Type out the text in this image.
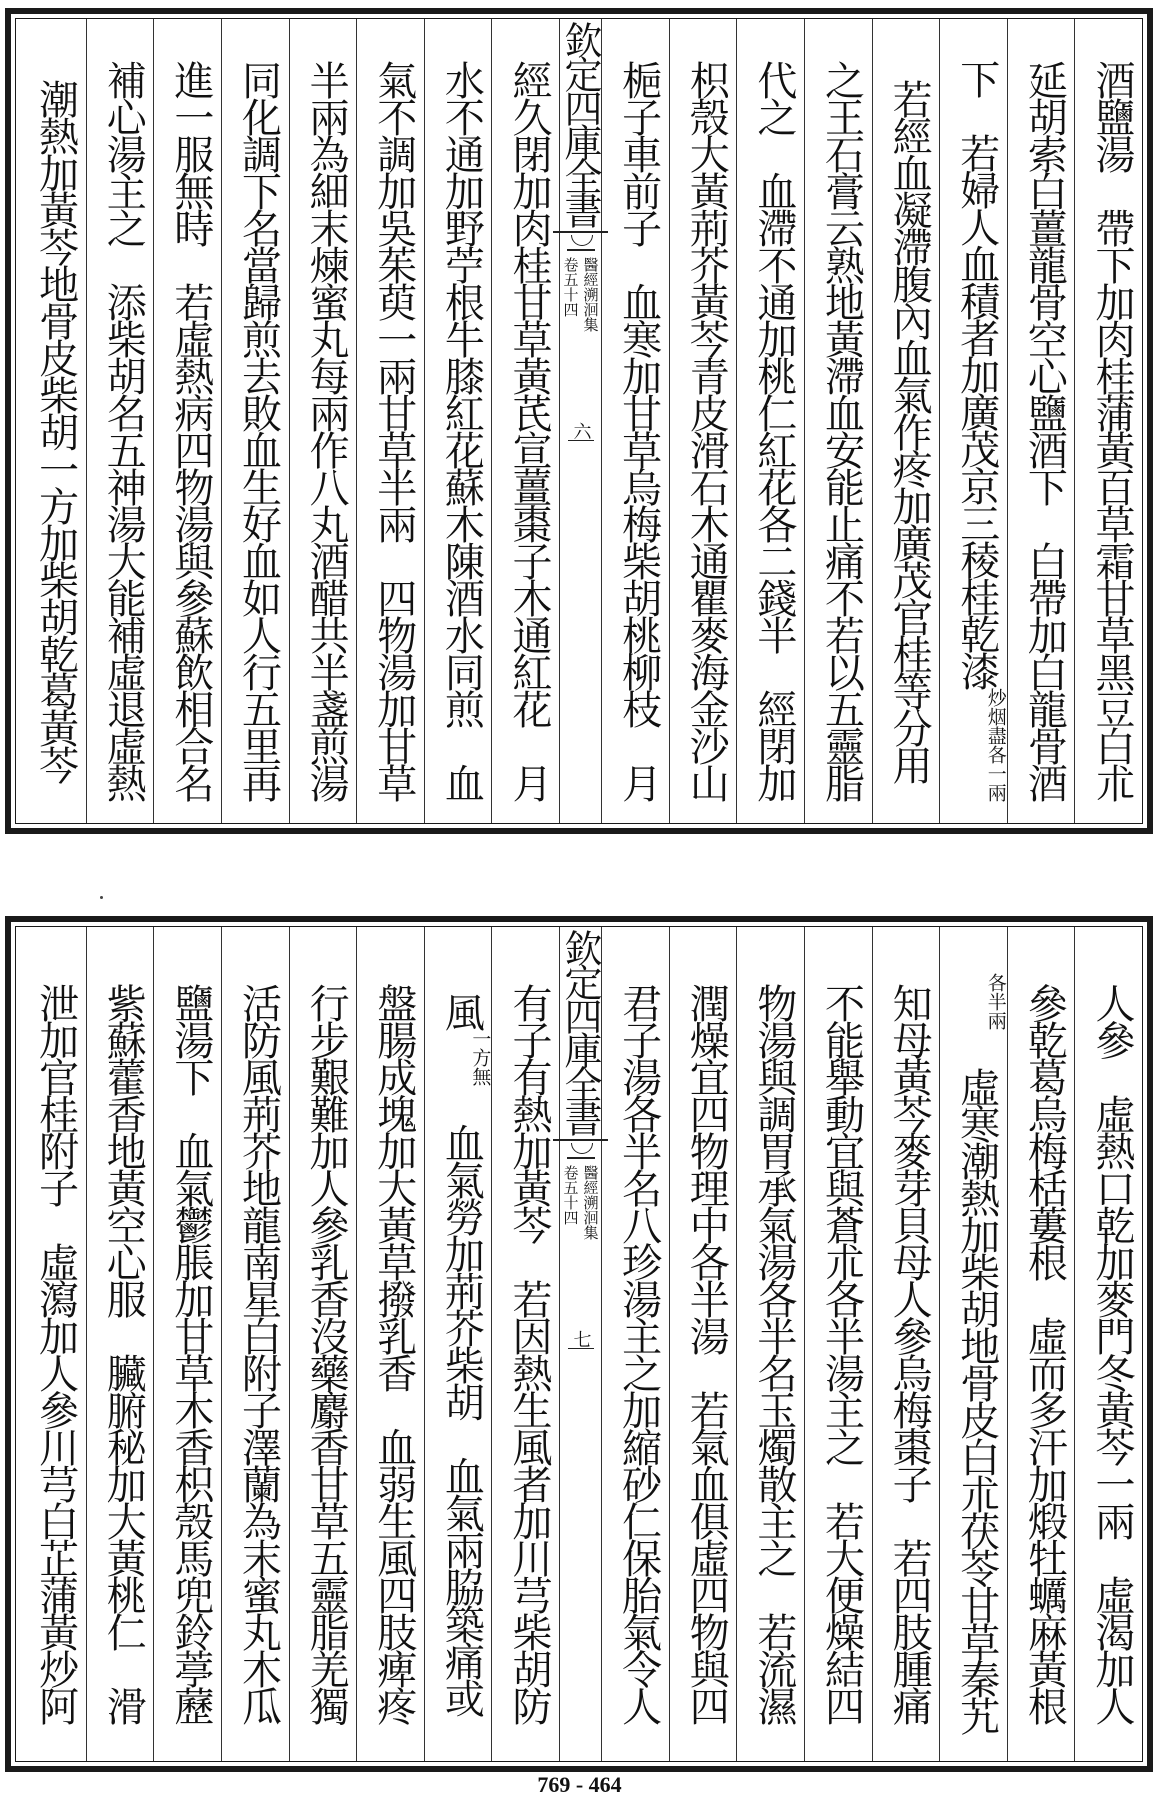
酒鹽湯　帶下加肉桂蒲黃百草霜甘草黑豆白朮
延胡索白薑龍骨空心鹽酒下　白帶加白龍骨酒
下　若婦人血積者加廣茂京三稜桂乾漆
炒烟盡各一兩
若經血凝滯腹內血氣作疼加廣茂官桂等分用
之王石膏云熟地黃滯血安能止痛不若以五靈脂
代之　血滯不通加桃仁紅花各二錢半　經閉加
枳殼大黃荊芥黃芩青皮滑石木通瞿麥海金沙山
梔子車前子　血寒加甘草烏梅柴胡桃柳枝　月
欽定四庫全書
醫經溯洄集
卷五十四
六
經久閉加肉桂甘草黃芪宣薑棗子木通紅花　月
水不通加野苧根牛膝紅花蘇木陳酒水同煎　血
氣不調加吳茱萸一兩甘草半兩　四物湯加甘草
半兩為細末煉蜜丸每兩作八丸酒醋共半盞煎湯
同化調下名當歸煎去敗血生好血如人行五里再
進一服無時　若虛熱病四物湯與參蘇飲相合名
補心湯主之　添柴胡名五神湯大能補虛退虛熱
潮熱加黃芩地骨皮柴胡一方加柴胡乾葛黃芩
人參　虛熱口乾加麥門冬黃芩一兩　虛渴加人
參乾葛烏梅栝蔞根　虛而多汗加煅牡蠣麻黃根
各半兩
　虛寒潮熱加柴胡地骨皮白朮茯苓甘草秦艽
知母黃芩麥芽貝母人參烏梅棗子　若四肢腫痛
不能舉動宜與蒼朮各半湯主之　若大便燥結四
物湯與調胃承氣湯各半名玉燭散主之　若流濕
潤燥宜四物理中各半湯　若氣血俱虛四物與四
君子湯各半名八珍湯主之加縮砂仁保胎氣令人
欽定四庫全書
醫經溯洄集
卷五十四
七
有子有熱加黃芩　若因熱生風者加川芎柴胡防
風
一方無
　血氣勞加荊芥柴胡　血氣兩脇築痛或
盤腸成塊加大黃草撥乳香　血弱生風四肢痺疼
行步艱難加人參乳香沒藥麝香甘草五靈脂羌獨
活防風荊芥地龍南星白附子澤蘭為末蜜丸木瓜
鹽湯下　血氣鬱脹加甘草木香枳殼馬兜鈴葶藶
紫蘇藿香地黃空心服　臟腑秘加大黃桃仁　滑
泄加官桂附子　虛瀉加人參川芎白芷蒲黃炒阿
769 - 464
